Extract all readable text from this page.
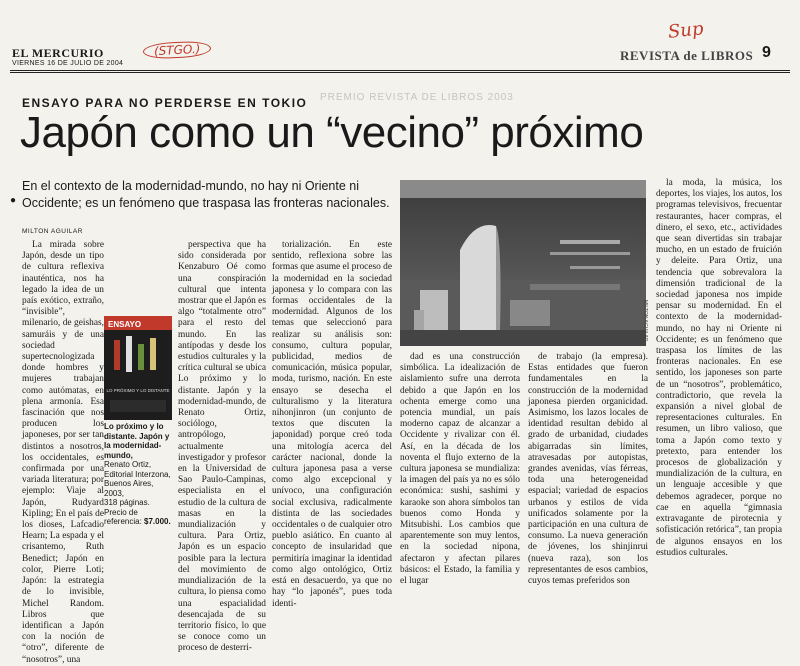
EL MERCURIO
VIERNES 16 DE JULIO DE 2004
(STGO.)
Sup
REVISTA de LIBROS 9
PREMIO REVISTA DE LIBROS 2003
ENSAYO PARA NO PERDERSE EN TOKIO
Japón como un “vecino” próximo
●
En el contexto de la modernidad-mundo, no hay ni Oriente ni Occidente; es un fenómeno que traspasa las fronteras nacionales.
MILTON AGUILAR

La mirada sobre Japón, desde un tipo de cultura reflexiva inauténtica, nos ha legado la idea de un país exótico, extraño, “invisible”, milenario, de geishas, samuráis y de una sociedad supertecnologizada donde hombres y mujeres trabajan como autómatas, en plena armonía. Esa fascinación que nos producen los japoneses, por ser tan distintos a nosotros, los occidentales, es confirmada por una variada literatura; por ejemplo: Viaje al Japón, Rudyard Kipling; En el país de los dioses, Lafcadio Hearn; La espada y el crisantemo, Ruth Benedict; Japón en color, Pierre Loti; Japón: la estrategia de lo invisible, Michel Random. Libros que identifican a Japón con la noción de “otro”, diferente de “nosotros”, una

ENSAYO
LO PRÓXIMO Y LO DISTANTE
Lo próximo y lo distante. Japón y la modernidad-mundo,
Renato Ortiz,
Editorial Interzona,
Buenos Aires, 2003,
318 páginas.
Precio de referencia: $7.000.

perspectiva que ha sido considerada por Kenzaburo Oé como una conspiración cultural que intenta mostrar que el Japón es algo “totalmente otro” para el resto del mundo. En las antípodas y desde los estudios culturales y la crítica cultural se ubica Lo próximo y lo distante. Japón y la modernidad-mundo, de Renato Ortiz, sociólogo, antropólogo, actualmente investigador y profesor en la Universidad de Sao Paulo-Campinas, especialista en el estudio de la cultura de masas en la mundialización y cultura. Para Ortiz, Japón es un espacio posible para la lectura del movimiento de mundialización de la cultura, lo piensa como una espacialidad desencajada de su territorio físico, lo que se conoce como un proceso de desterri-

torialización. En este sentido, reflexiona sobre las formas que asume el proceso de la modernidad en la sociedad japonesa y lo compara con las formas occidentales de la modernidad. Algunos de los temas que seleccionó para realizar su análisis son: consumo, cultura popular, publicidad, medios de comunicación, música popular, moda, turismo, nación. En este ensayo se desecha el culturalismo y la literatura nihonjinron (un conjunto de textos que discuten la japonidad) porque creó toda una mitología acerca del carácter nacional, donde la cultura japonesa pasa a verse como algo excepcional y unívoco, una configuración social exclusiva, radicalmente distinta de las sociedades occidentales o de cualquier otro pueblo asiático. En cuanto al concepto de insularidad que permitiría imaginar la identidad como algo ontológico, Ortiz está en desacuerdo, ya que no hay “lo japonés”, pues toda identi-

MILTON AGUILAR

dad es una construcción simbólica. La idealización de aislamiento sufre una derrota debido a que Japón en los ochenta emerge como una potencia mundial, un país moderno capaz de alcanzar a Occidente y rivalizar con él. Así, en la década de los noventa el flujo externo de la cultura japonesa se mundializa: la imagen del país ya no es sólo económica: sushi, sashimi y karaoke son ahora símbolos tan buenos como Honda y Mitsubishi. Los cambios que aparentemente son muy lentos, en la sociedad nipona, afectaron y afectan pilares básicos: el Estado, la familia y el lugar

de trabajo (la empresa). Estas entidades que fueron fundamentales en la construcción de la modernidad japonesa pierden organicidad. Asimismo, los lazos locales de identidad resultan debido al grado de urbanidad, ciudades abigarradas sin límites, atravesadas por autopistas, grandes avenidas, vías férreas, toda una heterogeneidad espacial; variedad de espacios urbanos y estilos de vida unificados solamente por la participación en una cultura de consumo. La nueva generación de jóvenes, los shinjinrui (nueva raza), son los representantes de esos cambios, cuyos temas preferidos son

la moda, la música, los deportes, los viajes, los autos, los programas televisivos, frecuentar restaurantes, hacer compras, el dinero, el sexo, etc., actividades que sean divertidas sin trabajar mucho, en un estado de fruición y deleite. Para Ortiz, una tendencia que sobrevalora la dimensión tradicional de la sociedad japonesa nos impide pensar su modernidad. En el contexto de la modernidad-mundo, no hay ni Oriente ni Occidente; es un fenómeno que traspasa los límites de las fronteras nacionales. En ese sentido, los japoneses son parte de un “nosotros”, problemático, contradictorio, que revela la expansión a nivel global de representaciones culturales. En resumen, un libro valioso, que toma a Japón como texto y pretexto, para entender los procesos de globalización y mundialización de la cultura, en un lenguaje accesible y que debemos agradecer, porque no cae en aquella “gimnasia extravagante de pirotecnia y sofisticación retórica”, tan propia de algunos ensayos en los estudios culturales.
